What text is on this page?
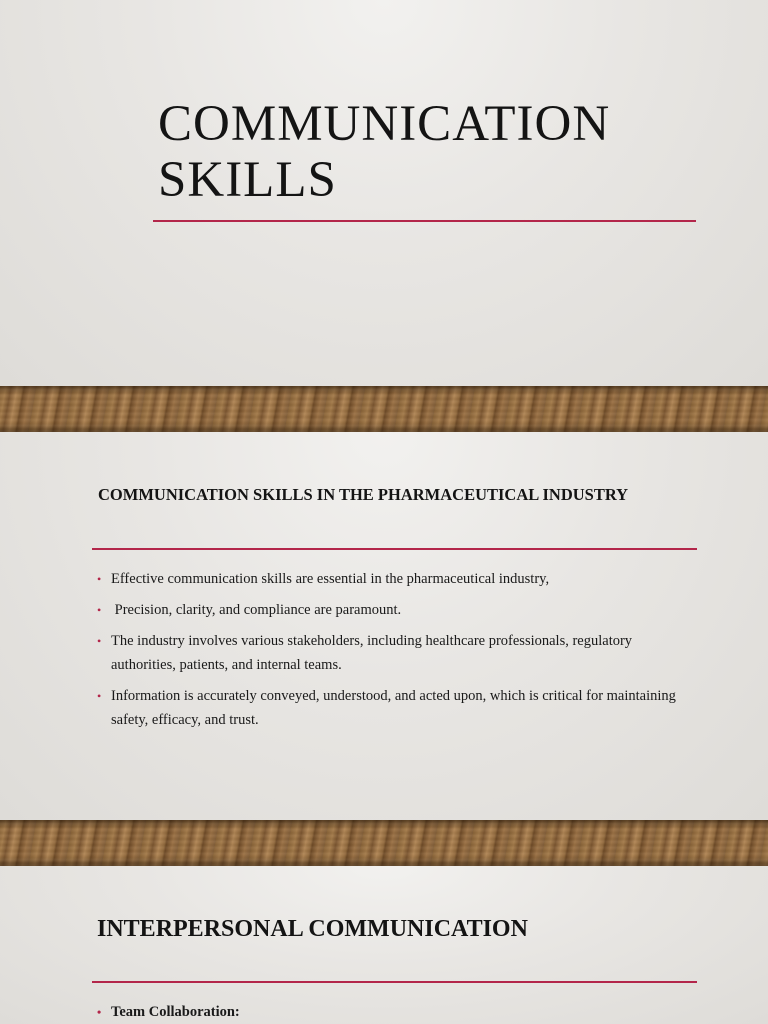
COMMUNICATION
SKILLS
COMMUNICATION SKILLS IN THE PHARMACEUTICAL INDUSTRY
• Effective communication skills are essential in the pharmaceutical industry,
• Precision, clarity, and compliance are paramount.
• The industry involves various stakeholders, including healthcare professionals, regulatory authorities, patients, and internal teams.
• Information is accurately conveyed, understood, and acted upon, which is critical for maintaining safety, efficacy, and trust.
INTERPERSONAL COMMUNICATION
• Team Collaboration:
